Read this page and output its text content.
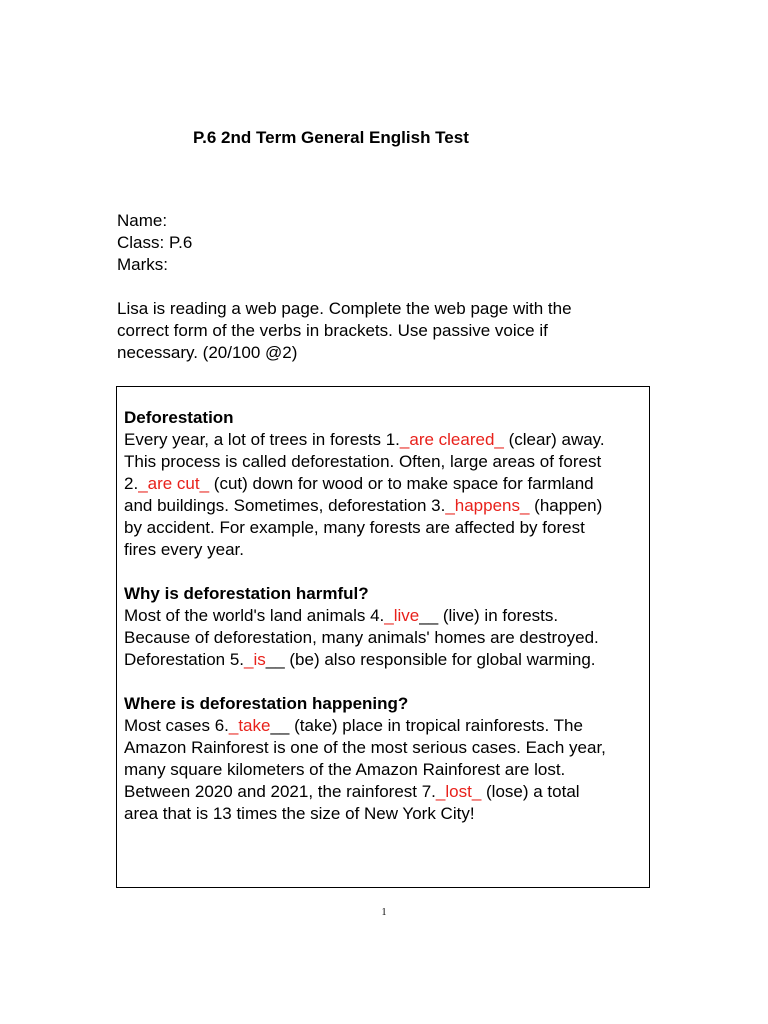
P.6 2nd Term General English Test
Name:
Class: P.6
Marks:
Lisa is reading a web page. Complete the web page with the
correct form of the verbs in brackets. Use passive voice if
necessary. (20/100 @2)
Deforestation
Every year, a lot of trees in forests 1._are cleared_ (clear) away.
This process is called deforestation. Often, large areas of forest
2._are cut_ (cut) down for wood or to make space for farmland
and buildings. Sometimes, deforestation 3._happens_ (happen)
by accident. For example, many forests are affected by forest
fires every year.
Why is deforestation harmful?
Most of the world's land animals 4._live__ (live) in forests.
Because of deforestation, many animals' homes are destroyed.
Deforestation 5._is__ (be) also responsible for global warming.
Where is deforestation happening?
Most cases 6._take__ (take) place in tropical rainforests. The
Amazon Rainforest is one of the most serious cases. Each year,
many square kilometers of the Amazon Rainforest are lost.
Between 2020 and 2021, the rainforest 7._lost_ (lose) a total
area that is 13 times the size of New York City!
1
